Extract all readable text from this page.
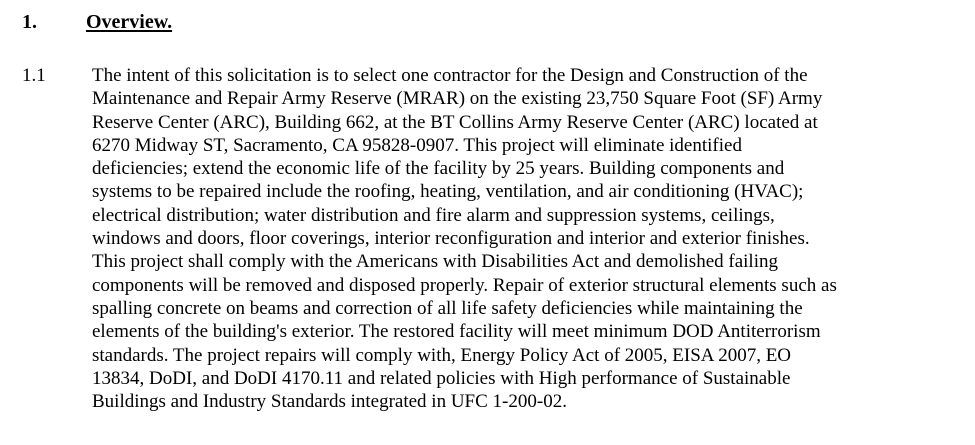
1. Overview.
1.1 The intent of this solicitation is to select one contractor for the Design and Construction of the
Maintenance and Repair Army Reserve (MRAR) on the existing 23,750 Square Foot (SF) Army
Reserve Center (ARC), Building 662, at the BT Collins Army Reserve Center (ARC) located at
6270 Midway ST, Sacramento, CA 95828-0907. This project will eliminate identified
deficiencies; extend the economic life of the facility by 25 years. Building components and
systems to be repaired include the roofing, heating, ventilation, and air conditioning (HVAC);
electrical distribution; water distribution and fire alarm and suppression systems, ceilings,
windows and doors, floor coverings, interior reconfiguration and interior and exterior finishes.
This project shall comply with the Americans with Disabilities Act and demolished failing
components will be removed and disposed properly. Repair of exterior structural elements such as
spalling concrete on beams and correction of all life safety deficiencies while maintaining the
elements of the building's exterior. The restored facility will meet minimum DOD Antiterrorism
standards. The project repairs will comply with, Energy Policy Act of 2005, EISA 2007, EO
13834, DoDI, and DoDI 4170.11 and related policies with High performance of Sustainable
Buildings and Industry Standards integrated in UFC 1-200-02.
